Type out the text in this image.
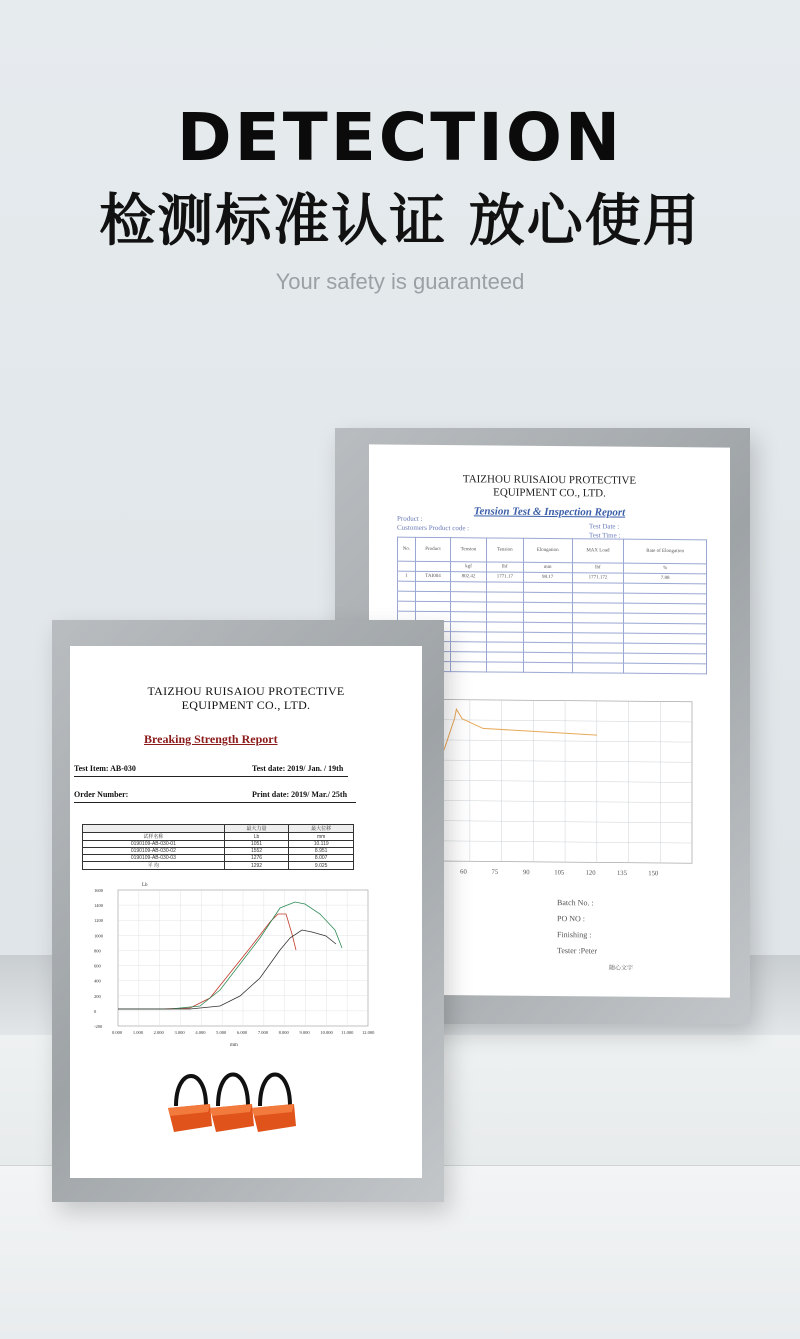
DETECTION
检测标准认证 放心使用
Your safety is guaranteed
TAIZHOU RUISAIOU PROTECTIVE
EQUIPMENT CO., LTD.
Tension Test & Inspection Report
Product :
Customers Product code :	Test Date :
Test Time :
No.	Product	Tension	Tension	Elongation	MAX Load	Rate of Elongation
		kgf	lbf	mm	lbf	%
1	TAI004	802.42	1771.17	98.17	1771.172	7.88

60	75	90	105	120	135	150
Batch No. :
PO NO :
Finishing :
Tester :Peter
随心文字
TAIZHOU RUISAIOU PROTECTIVE
EQUIPMENT CO., LTD.
Breaking Strength Report
Test Item: AB-030	Test date: 2019/ Jan. / 19th
Order Number:	Print date: 2019/ Mar./ 25th
	最大力量	最大位移
试样名称	Lb	mm
0190109-AB-030-01	1051	10.119
0190109-AB-030-02	1552	8.951
0190109-AB-030-03	1276	8.007
平 均	1292	9.025
Lb
1600
1400
1200
1000
800
600
400
200
0
-200
0.000 1.000 2.000 3.000 4.000 5.000 6.000 7.000 8.000 9.000 10.000 11.000 12.000
mm
